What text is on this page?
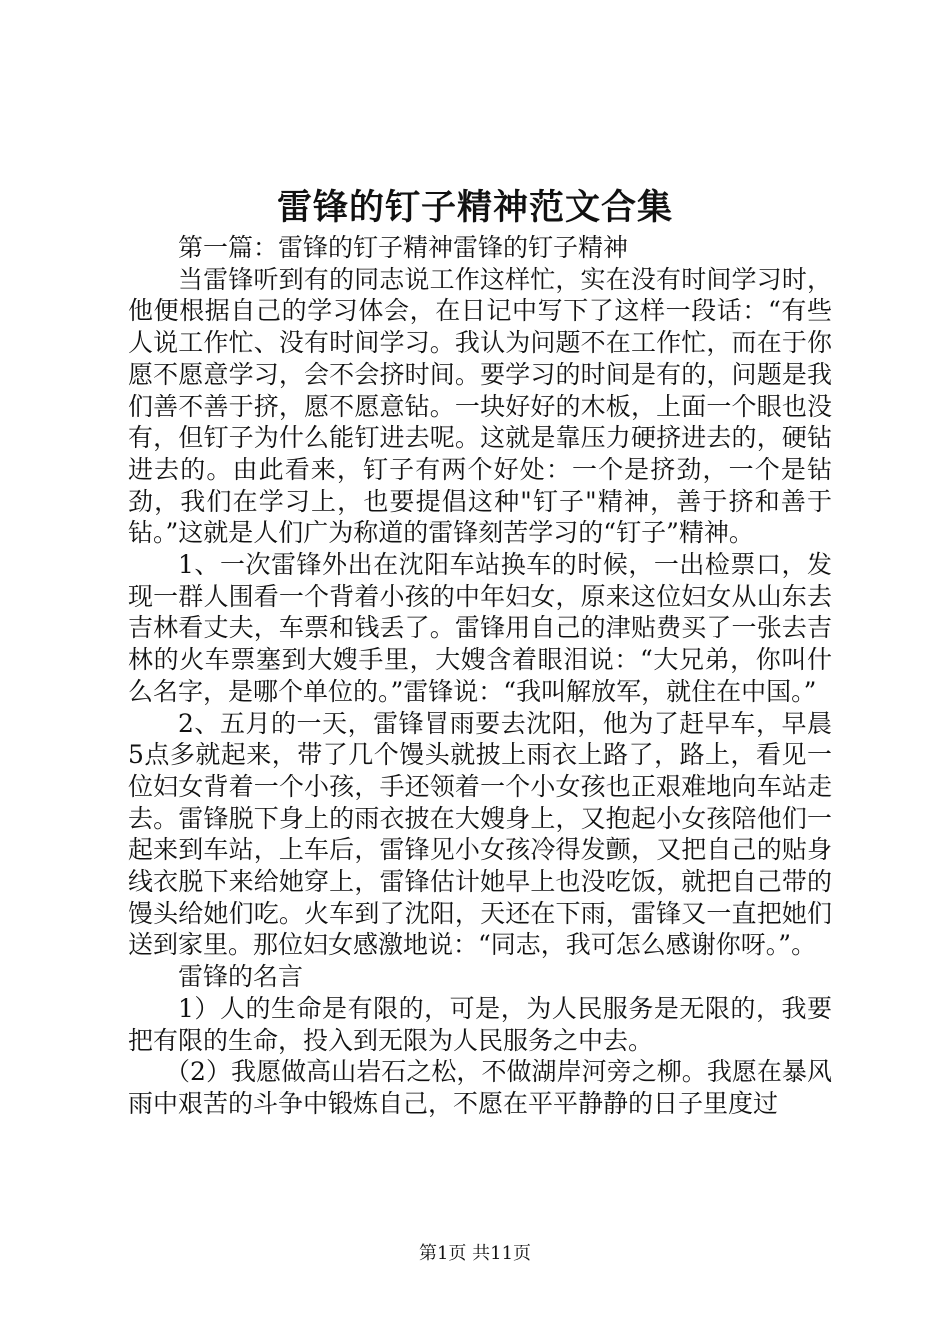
雷锋的钉子精神范文合集

第一篇：雷锋的钉子精神雷锋的钉子精神

当雷锋听到有的同志说工作这样忙，实在没有时间学习时，他便根据自己的学习体会，在日记中写下了这样一段话：“有些人说工作忙、没有时间学习。我认为问题不在工作忙，而在于你愿不愿意学习，会不会挤时间。要学习的时间是有的，问题是我们善不善于挤，愿不愿意钻。一块好好的木板，上面一个眼也没有，但钉子为什么能钉进去呢。这就是靠压力硬挤进去的，硬钻进去的。由此看来，钉子有两个好处：一个是挤劲，一个是钻劲，我们在学习上，也要提倡这种"钉子"精神，善于挤和善于钻。”这就是人们广为称道的雷锋刻苦学习的“钉子”精神。

1、一次雷锋外出在沈阳车站换车的时候，一出检票口，发现一群人围看一个背着小孩的中年妇女，原来这位妇女从山东去吉林看丈夫，车票和钱丢了。雷锋用自己的津贴费买了一张去吉林的火车票塞到大嫂手里，大嫂含着眼泪说：“大兄弟，你叫什么名字，是哪个单位的。”雷锋说：“我叫解放军，就住在中国。”

2、五月的一天，雷锋冒雨要去沈阳，他为了赶早车，早晨5点多就起来，带了几个馒头就披上雨衣上路了，路上，看见一位妇女背着一个小孩，手还领着一个小女孩也正艰难地向车站走去。雷锋脱下身上的雨衣披在大嫂身上，又抱起小女孩陪他们一起来到车站，上车后，雷锋见小女孩冷得发颤，又把自己的贴身线衣脱下来给她穿上，雷锋估计她早上也没吃饭，就把自己带的馒头给她们吃。火车到了沈阳，天还在下雨，雷锋又一直把她们送到家里。那位妇女感激地说：“同志，我可怎么感谢你呀。”。

雷锋的名言

1）人的生命是有限的，可是，为人民服务是无限的，我要把有限的生命，投入到无限为人民服务之中去。

（2）我愿做高山岩石之松，不做湖岸河旁之柳。我愿在暴风雨中艰苦的斗争中锻炼自己，不愿在平平静静的日子里度过

第1页 共11页
